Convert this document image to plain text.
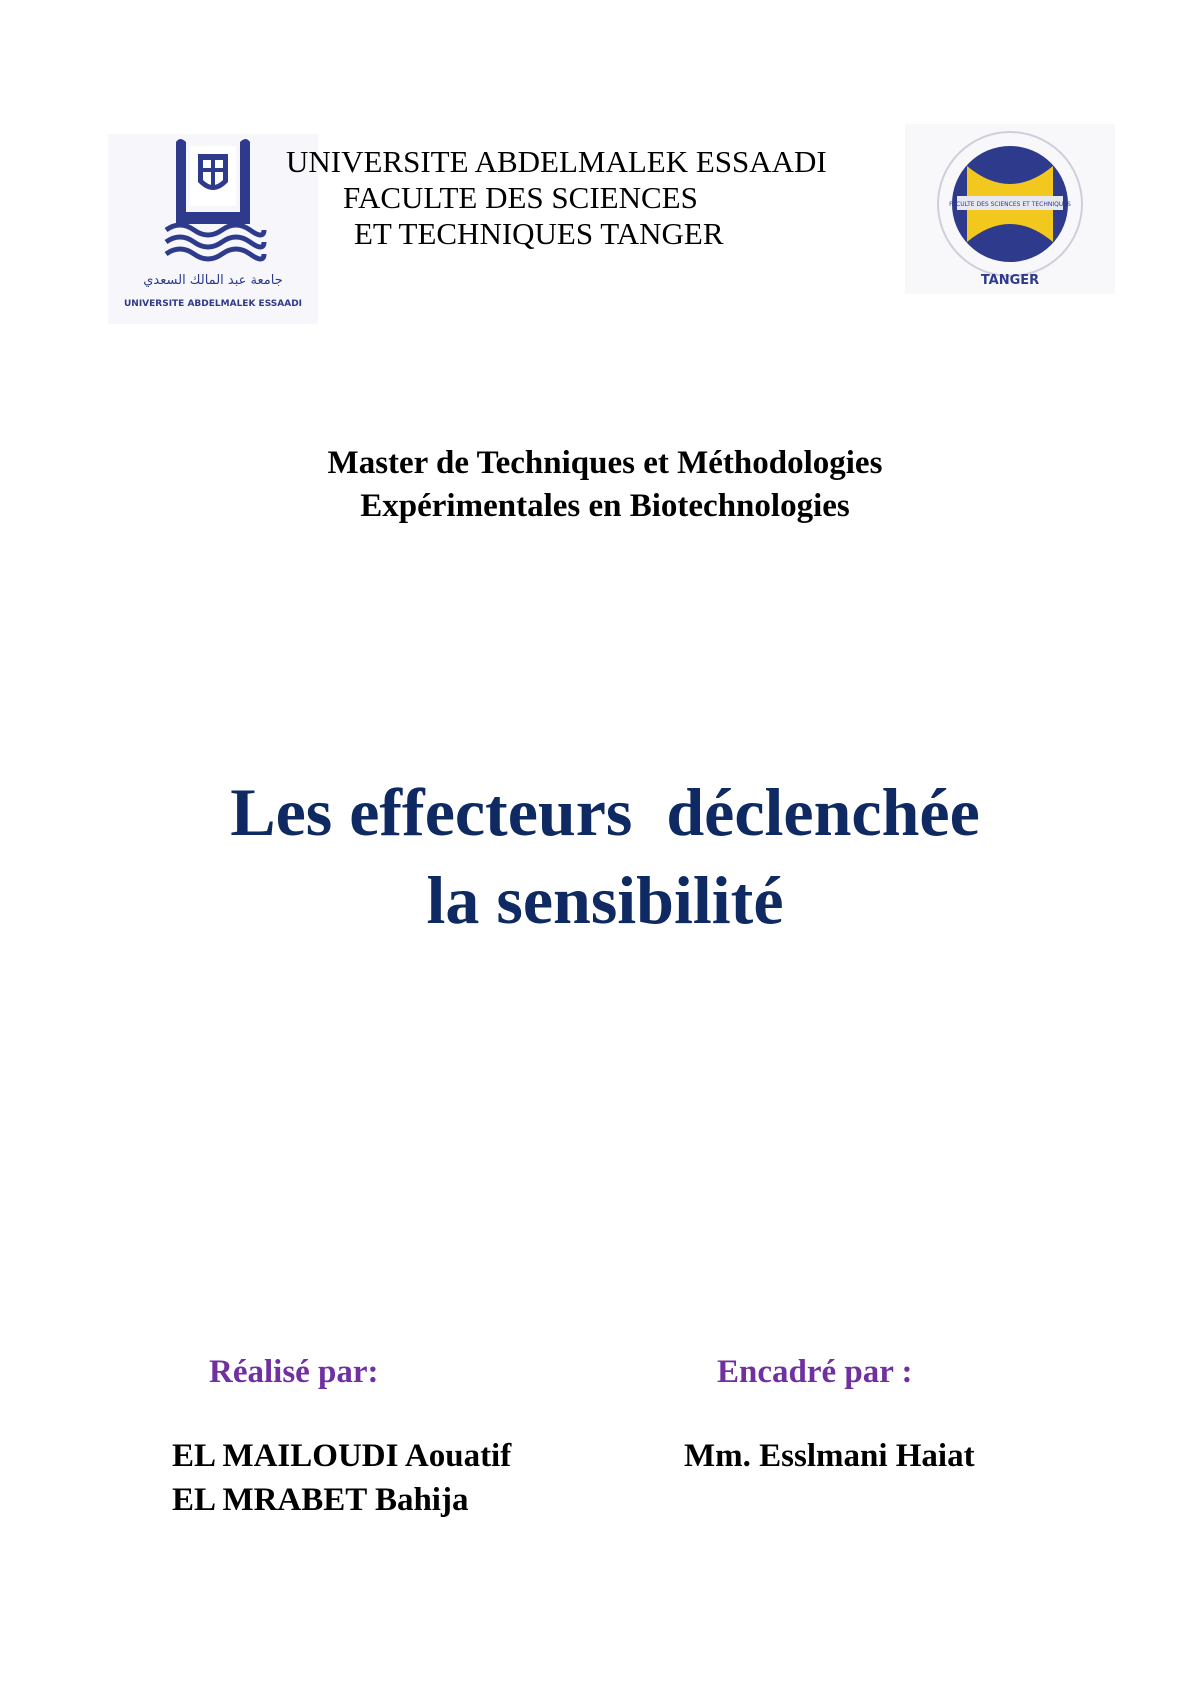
جامعة عبد المالك السعدي
UNIVERSITE ABDELMALEK ESSAADI
UNIVERSITE ABDELMALEK ESSAADI
FACULTE DES SCIENCES
ET TECHNIQUES TANGER
FACULTE DES SCIENCES ET TECHNIQUES
TANGER
Master de Techniques et Méthodologies
Expérimentales en Biotechnologies
Les effecteurs  déclenchée
la sensibilité
Réalisé par:
EL MAILOUDI Aouatif
EL MRABET Bahija
Encadré par :
Mm. Esslmani Haiat
